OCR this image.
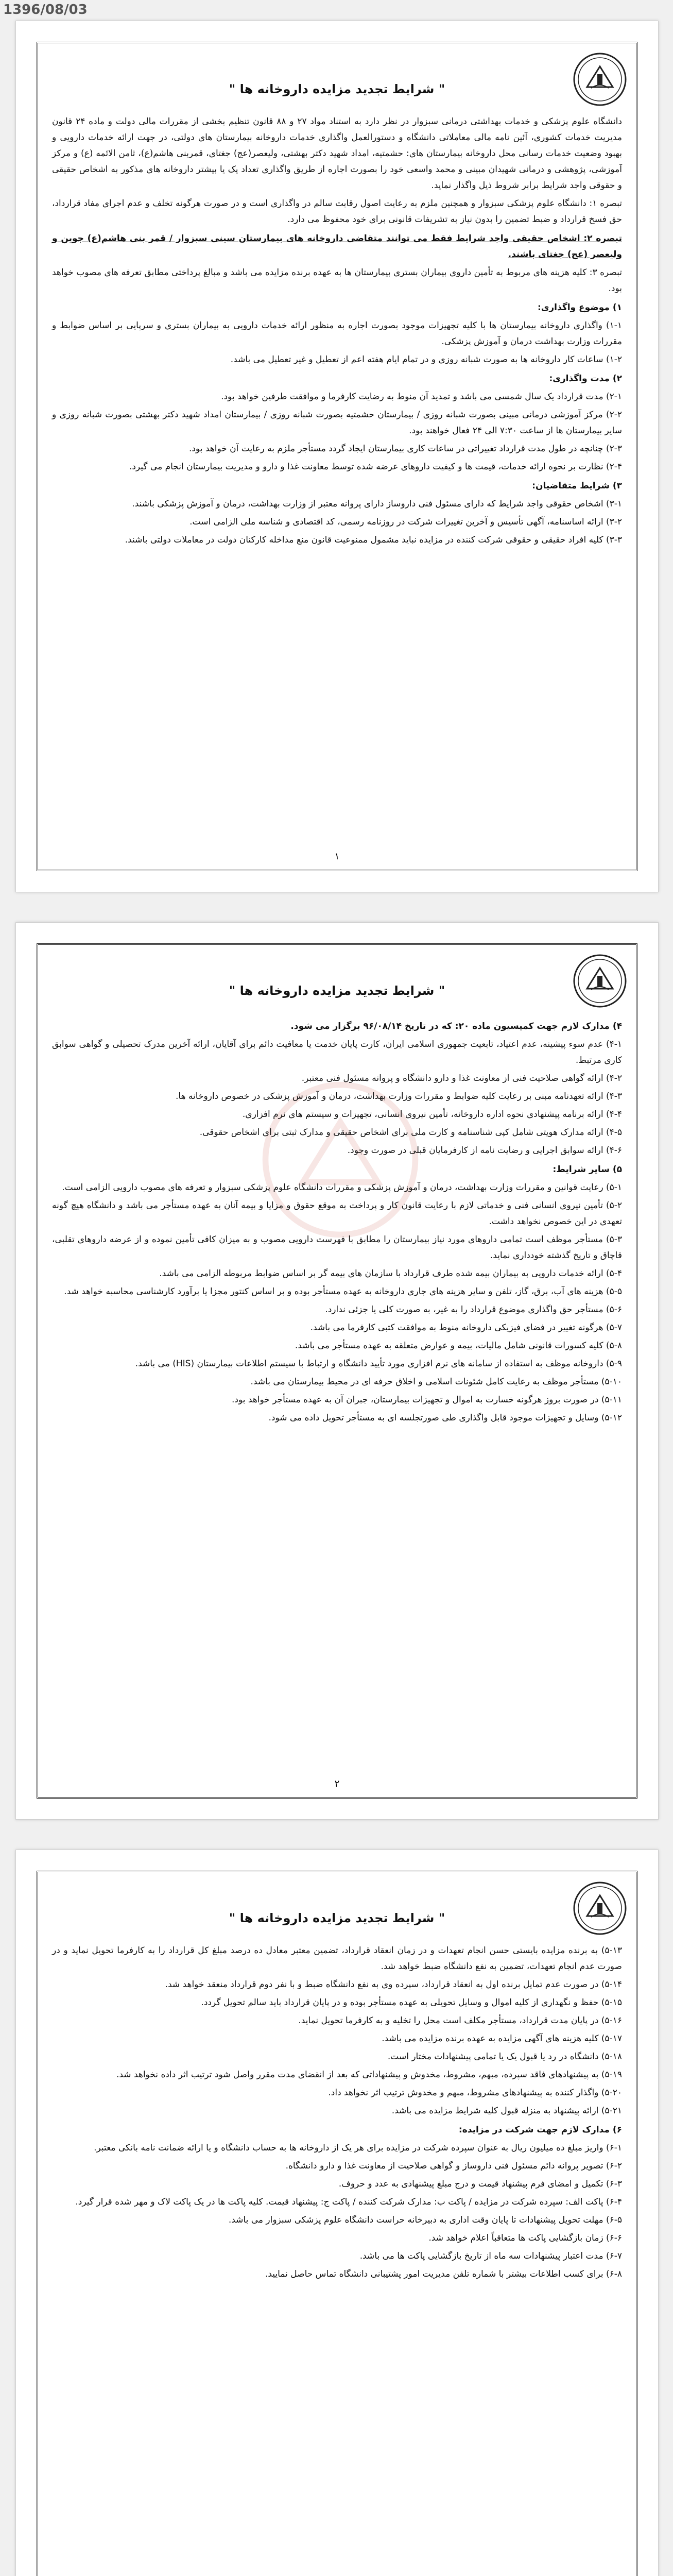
1396/08/03
" شرایط تجدید مزایده داروخانه ها "

دانشگاه علوم پزشکی و خدمات بهداشتی درمانی سبزوار در نظر دارد به استناد مواد ۲۷ و ۸۸ قانون تنظیم بخشی از مقررات مالی دولت و ماده ۲۴ قانون مدیریت خدمات کشوری، آئین نامه مالی معاملاتی دانشگاه و دستورالعمل واگذاری خدمات داروخانه بیمارستان های دولتی، در جهت ارائه خدمات دارویی و بهبود وضعیت خدمات رسانی محل داروخانه بیمارستان های: حشمتیه، امداد شهید دکتر بهشتی، ولیعصر(عج) جغتای، قمربنی هاشم(ع)، ثامن الائمه (ع) و مرکز آموزشی، پژوهشی و درمانی شهیدان مبینی و محمد واسعی خود را بصورت اجاره از طریق واگذاری تعداد یک یا بیشتر داروخانه های مذکور به اشخاص حقیقی و حقوقی واجد شرایط برابر شروط ذیل واگذار نماید.

تبصره ۱: دانشگاه علوم پزشکی سبزوار و همچنین ملزم به رعایت اصول رقابت سالم در واگذاری است و در صورت هرگونه تخلف و عدم اجرای مفاد قرارداد، حق فسخ قرارداد و ضبط تضمین را بدون نیاز به تشریفات قانونی برای خود محفوظ می دارد.

تبصره ۲: اشخاص حقیقی واجد شرایط فقط می توانند متقاضی داروخانه های بیمارستان سینی سبزوار / قمر بنی هاشم(ع) جوین و ولیعصر (عج) جغتای باشند.

تبصره ۳: کلیه هزینه های مربوط به تأمین داروی بیماران بستری بیمارستان ها به عهده برنده مزایده می باشد و مبالغ پرداختی مطابق تعرفه های مصوب خواهد بود.

۱) موضوع واگذاری:

۱-۱) واگذاری داروخانه بیمارستان ها با کلیه تجهیزات موجود بصورت اجاره به منظور ارائه خدمات دارویی به بیماران بستری و سرپایی بر اساس ضوابط و مقررات وزارت بهداشت درمان و آموزش پزشکی.

۱-۲) ساعات کار داروخانه ها به صورت شبانه روزی و در تمام ایام هفته اعم از تعطیل و غیر تعطیل می باشد.

۲) مدت واگذاری:

۲-۱) مدت قرارداد یک سال شمسی می باشد و تمدید آن منوط به رضایت کارفرما و موافقت طرفین خواهد بود.

۲-۲) مرکز آموزشی درمانی مبینی بصورت شبانه روزی / بیمارستان حشمتیه بصورت شبانه روزی / بیمارستان امداد شهید دکتر بهشتی بصورت شبانه روزی و سایر بیمارستان ها از ساعت ۷:۳۰ الی ۲۴ فعال خواهند بود.

۲-۳) چنانچه در طول مدت قرارداد تغییراتی در ساعات کاری بیمارستان ایجاد گردد مستأجر ملزم به رعایت آن خواهد بود.

۲-۴) نظارت بر نحوه ارائه خدمات، قیمت ها و کیفیت داروهای عرضه شده توسط معاونت غذا و دارو و مدیریت بیمارستان انجام می گیرد.

۳) شرایط متقاضیان:

۳-۱) اشخاص حقوقی واجد شرایط که دارای مسئول فنی داروساز دارای پروانه معتبر از وزارت بهداشت، درمان و آموزش پزشکی باشند.

۳-۲) ارائه اساسنامه، آگهی تأسیس و آخرین تغییرات شرکت در روزنامه رسمی، کد اقتصادی و شناسه ملی الزامی است.

۳-۳) کلیه افراد حقیقی و حقوقی شرکت کننده در مزایده نباید مشمول ممنوعیت قانون منع مداخله کارکنان دولت در معاملات دولتی باشند.

۱
" شرایط تجدید مزایده داروخانه ها "

۴) مدارک لازم جهت کمیسیون ماده ۲۰: که در تاریخ ۹۶/۰۸/۱۴ برگزار می شود.

۴-۱) عدم سوء پیشینه، عدم اعتیاد، تابعیت جمهوری اسلامی ایران، کارت پایان خدمت یا معافیت دائم برای آقایان، ارائه آخرین مدرک تحصیلی و گواهی سوابق کاری مرتبط.

۴-۲) ارائه گواهی صلاحیت فنی از معاونت غذا و دارو دانشگاه و پروانه مسئول فنی معتبر.

۴-۳) ارائه تعهدنامه مبنی بر رعایت کلیه ضوابط و مقررات وزارت بهداشت، درمان و آموزش پزشکی در خصوص داروخانه ها.

۴-۴) ارائه برنامه پیشنهادی نحوه اداره داروخانه، تأمین نیروی انسانی، تجهیزات و سیستم های نرم افزاری.

۴-۵) ارائه مدارک هویتی شامل کپی شناسنامه و کارت ملی برای اشخاص حقیقی و مدارک ثبتی برای اشخاص حقوقی.

۴-۶) ارائه سوابق اجرایی و رضایت نامه از کارفرمایان قبلی در صورت وجود.

۵) سایر شرایط:

۵-۱) رعایت قوانین و مقررات وزارت بهداشت، درمان و آموزش پزشکی و مقررات دانشگاه علوم پزشکی سبزوار و تعرفه های مصوب دارویی الزامی است.

۵-۲) تأمین نیروی انسانی فنی و خدماتی لازم با رعایت قانون کار و پرداخت به موقع حقوق و مزایا و بیمه آنان به عهده مستأجر می باشد و دانشگاه هیچ گونه تعهدی در این خصوص نخواهد داشت.

۵-۳) مستأجر موظف است تمامی داروهای مورد نیاز بیمارستان را مطابق با فهرست دارویی مصوب و به میزان کافی تأمین نموده و از عرضه داروهای تقلبی، قاچاق و تاریخ گذشته خودداری نماید.

۵-۴) ارائه خدمات دارویی به بیماران بیمه شده طرف قرارداد با سازمان های بیمه گر بر اساس ضوابط مربوطه الزامی می باشد.

۵-۵) هزینه های آب، برق، گاز، تلفن و سایر هزینه های جاری داروخانه به عهده مستأجر بوده و بر اساس کنتور مجزا یا برآورد کارشناسی محاسبه خواهد شد.

۵-۶) مستأجر حق واگذاری موضوع قرارداد را به غیر، به صورت کلی یا جزئی ندارد.

۵-۷) هرگونه تغییر در فضای فیزیکی داروخانه منوط به موافقت کتبی کارفرما می باشد.

۵-۸) کلیه کسورات قانونی شامل مالیات، بیمه و عوارض متعلقه به عهده مستأجر می باشد.

۵-۹) داروخانه موظف به استفاده از سامانه های نرم افزاری مورد تأیید دانشگاه و ارتباط با سیستم اطلاعات بیمارستان (HIS) می باشد.

۵-۱۰) مستأجر موظف به رعایت کامل شئونات اسلامی و اخلاق حرفه ای در محیط بیمارستان می باشد.

۵-۱۱) در صورت بروز هرگونه خسارت به اموال و تجهیزات بیمارستان، جبران آن به عهده مستأجر خواهد بود.

۵-۱۲) وسایل و تجهیزات موجود قابل واگذاری طی صورتجلسه ای به مستأجر تحویل داده می شود.

۲
" شرایط تجدید مزایده داروخانه ها "

۵-۱۳) به برنده مزایده بایستی حسن انجام تعهدات و در زمان انعقاد قرارداد، تضمین معتبر معادل ده درصد مبلغ کل قرارداد را به کارفرما تحویل نماید و در صورت عدم انجام تعهدات، تضمین به نفع دانشگاه ضبط خواهد شد.

۵-۱۴) در صورت عدم تمایل برنده اول به انعقاد قرارداد، سپرده وی به نفع دانشگاه ضبط و با نفر دوم قرارداد منعقد خواهد شد.

۵-۱۵) حفظ و نگهداری از کلیه اموال و وسایل تحویلی به عهده مستأجر بوده و در پایان قرارداد باید سالم تحویل گردد.

۵-۱۶) در پایان مدت قرارداد، مستأجر مکلف است محل را تخلیه و به کارفرما تحویل نماید.

۵-۱۷) کلیه هزینه های آگهی مزایده به عهده برنده مزایده می باشد.

۵-۱۸) دانشگاه در رد یا قبول یک یا تمامی پیشنهادات مختار است.

۵-۱۹) به پیشنهادهای فاقد سپرده، مبهم، مشروط، مخدوش و پیشنهاداتی که بعد از انقضای مدت مقرر واصل شود ترتیب اثر داده نخواهد شد.

۵-۲۰) واگذار کننده به پیشنهادهای مشروط، مبهم و مخدوش ترتیب اثر نخواهد داد.

۵-۲۱) ارائه پیشنهاد به منزله قبول کلیه شرایط مزایده می باشد.

۶) مدارک لازم جهت شرکت در مزایده:

۶-۱) واریز مبلغ ده میلیون ریال به عنوان سپرده شرکت در مزایده برای هر یک از داروخانه ها به حساب دانشگاه و یا ارائه ضمانت نامه بانکی معتبر.

۶-۲) تصویر پروانه دائم مسئول فنی داروساز و گواهی صلاحیت از معاونت غذا و دارو دانشگاه.

۶-۳) تکمیل و امضای فرم پیشنهاد قیمت و درج مبلغ پیشنهادی به عدد و حروف.

۶-۴) پاکت الف: سپرده شرکت در مزایده / پاکت ب: مدارک شرکت کننده / پاکت ج: پیشنهاد قیمت. کلیه پاکت ها در یک پاکت لاک و مهر شده قرار گیرد.

۶-۵) مهلت تحویل پیشنهادات تا پایان وقت اداری به دبیرخانه حراست دانشگاه علوم پزشکی سبزوار می باشد.

۶-۶) زمان بازگشایی پاکت ها متعاقباً اعلام خواهد شد.

۶-۷) مدت اعتبار پیشنهادات سه ماه از تاریخ بازگشایی پاکت ها می باشد.

۶-۸) برای کسب اطلاعات بیشتر با شماره تلفن مدیریت امور پشتیبانی دانشگاه تماس حاصل نمایید.
